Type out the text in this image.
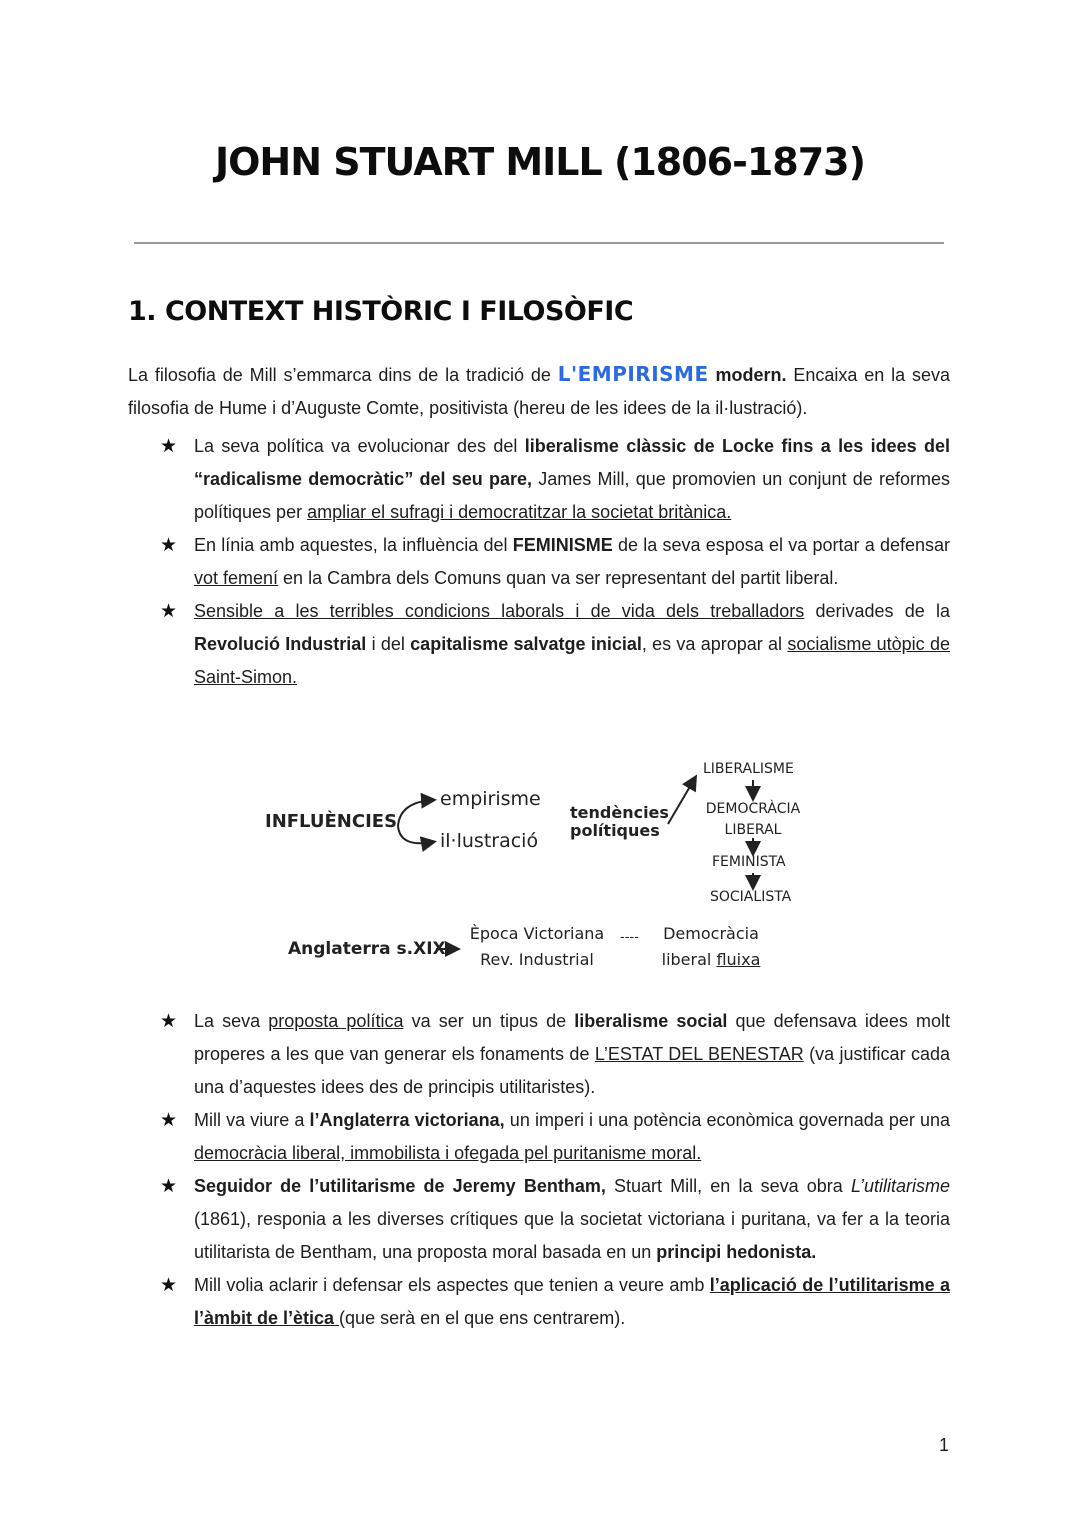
JOHN STUART MILL (1806-1873)
1. CONTEXT HISTÒRIC I FILOSÒFIC

La filosofia de Mill s’emmarca dins de la tradició de L'EMPIRISME modern. Encaixa en la seva filosofia de Hume i d’Auguste Comte, positivista (hereu de les idees de la il·lustració).

★ La seva política va evolucionar des del liberalisme clàssic de Locke fins a les idees del “radicalisme democràtic” del seu pare, James Mill, que promovien un conjunt de reformes polítiques per ampliar el sufragi i democratitzar la societat britànica.
★ En línia amb aquestes, la influència del FEMINISME de la seva esposa el va portar a defensar vot femení en la Cambra dels Comuns quan va ser representant del partit liberal.
★ Sensible a les terribles condicions laborals i de vida dels treballadors derivades de la Revolució Industrial i del capitalisme salvatge inicial, es va apropar al socialisme utòpic de Saint-Simon.
INFLUÈNCIES
empirisme
il·lustració
tendències
polítiques
LIBERALISME
DEMOCRÀCIA
LIBERAL
FEMINISTA
SOCIALISTA
Anglaterra s.XIX
Època Victoriana
Rev. Industrial
----	Democràcia
liberal fluixa
★ La seva proposta política va ser un tipus de liberalisme social que defensava idees molt properes a les que van generar els fonaments de L’ESTAT DEL BENESTAR (va justificar cada una d’aquestes idees des de principis utilitaristes).
★ Mill va viure a l’Anglaterra victoriana, un imperi i una potència econòmica governada per una democràcia liberal, immobilista i ofegada pel puritanisme moral.
★ Seguidor de l’utilitarisme de Jeremy Bentham, Stuart Mill, en la seva obra L’utilitarisme (1861), responia a les diverses crítiques que la societat victoriana i puritana, va fer a la teoria utilitarista de Bentham, una proposta moral basada en un principi hedonista.
★ Mill volia aclarir i defensar els aspectes que tenien a veure amb l’aplicació de l’utilitarisme a l’àmbit de l’ètica (que serà en el que ens centrarem).
1
